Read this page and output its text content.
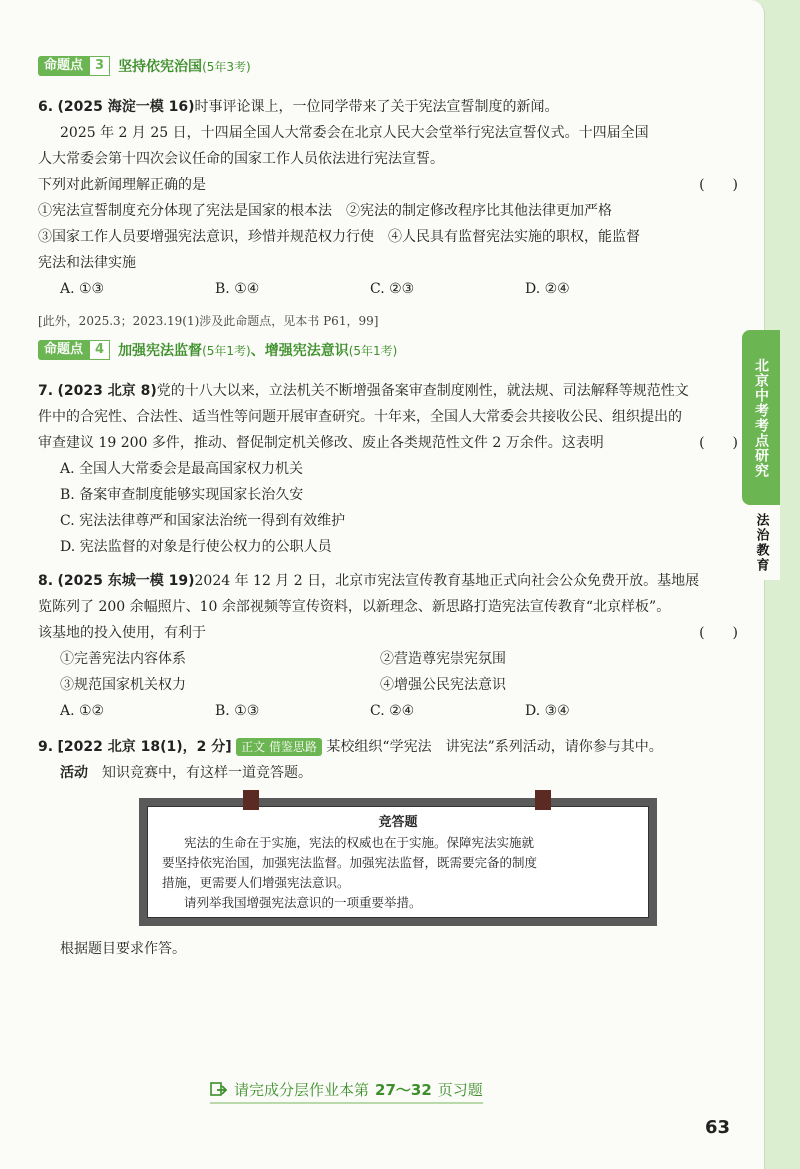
北京中考考点研究
法治教育
命题点 3	坚持依宪治国 (5年3考)
6. (2025 海淀一模 16)时事评论课上，一位同学带来了关于宪法宣誓制度的新闻。
2025 年 2 月 25 日，十四届全国人大常委会在北京人民大会堂举行宪法宣誓仪式。十四届全国
人大常委会第十四次会议任命的国家工作人员依法进行宪法宣誓。
下列对此新闻理解正确的是	(　　)
①宪法宣誓制度充分体现了宪法是国家的根本法　②宪法的制定修改程序比其他法律更加严格
③国家工作人员要增强宪法意识，珍惜并规范权力行使　④人民具有监督宪法实施的职权，能监督
宪法和法律实施
A. ①③	B. ①④	C. ②③	D. ②④
[此外，2025.3；2023.19(1)涉及此命题点，见本书 P61，99]
命题点 4	加强宪法监督 (5年1考) 、 增强宪法意识 (5年1考)
7. (2023 北京 8)党的十八大以来，立法机关不断增强备案审查制度刚性，就法规、司法解释等规范性文
件中的合宪性、合法性、适当性等问题开展审查研究。十年来，全国人大常委会共接收公民、组织提出的
审查建议 19 200 多件，推动、督促制定机关修改、废止各类规范性文件 2 万余件。这表明	(　　)
A. 全国人大常委会是最高国家权力机关
B. 备案审查制度能够实现国家长治久安
C. 宪法法律尊严和国家法治统一得到有效维护
D. 宪法监督的对象是行使公权力的公职人员
8. (2025 东城一模 19)2024 年 12 月 2 日，北京市宪法宣传教育基地正式向社会公众免费开放。基地展
览陈列了 200 余幅照片、10 余部视频等宣传资料，以新理念、新思路打造宪法宣传教育“北京样板”。
该基地的投入使用，有利于	(　　)
①完善宪法内容体系	②营造尊宪崇宪氛围
③规范国家机关权力	④增强公民宪法意识
A. ①②	B. ①③	C. ②④	D. ③④
9. [2022 北京 18(1)，2 分] 正文 借鉴思路 某校组织“学宪法　讲宪法”系列活动，请你参与其中。
活动　 知识竞赛中，有这样一道竞答题。
竞答题
宪法的生命在于实施，宪法的权威也在于实施。保障宪法实施就
要坚持依宪治国，加强宪法监督。加强宪法监督，既需要完备的制度
措施，更需要人们增强宪法意识。
请列举我国增强宪法意识的一项重要举措。
根据题目要求作答。
请完成分层作业本第 27～32 页习题
63
